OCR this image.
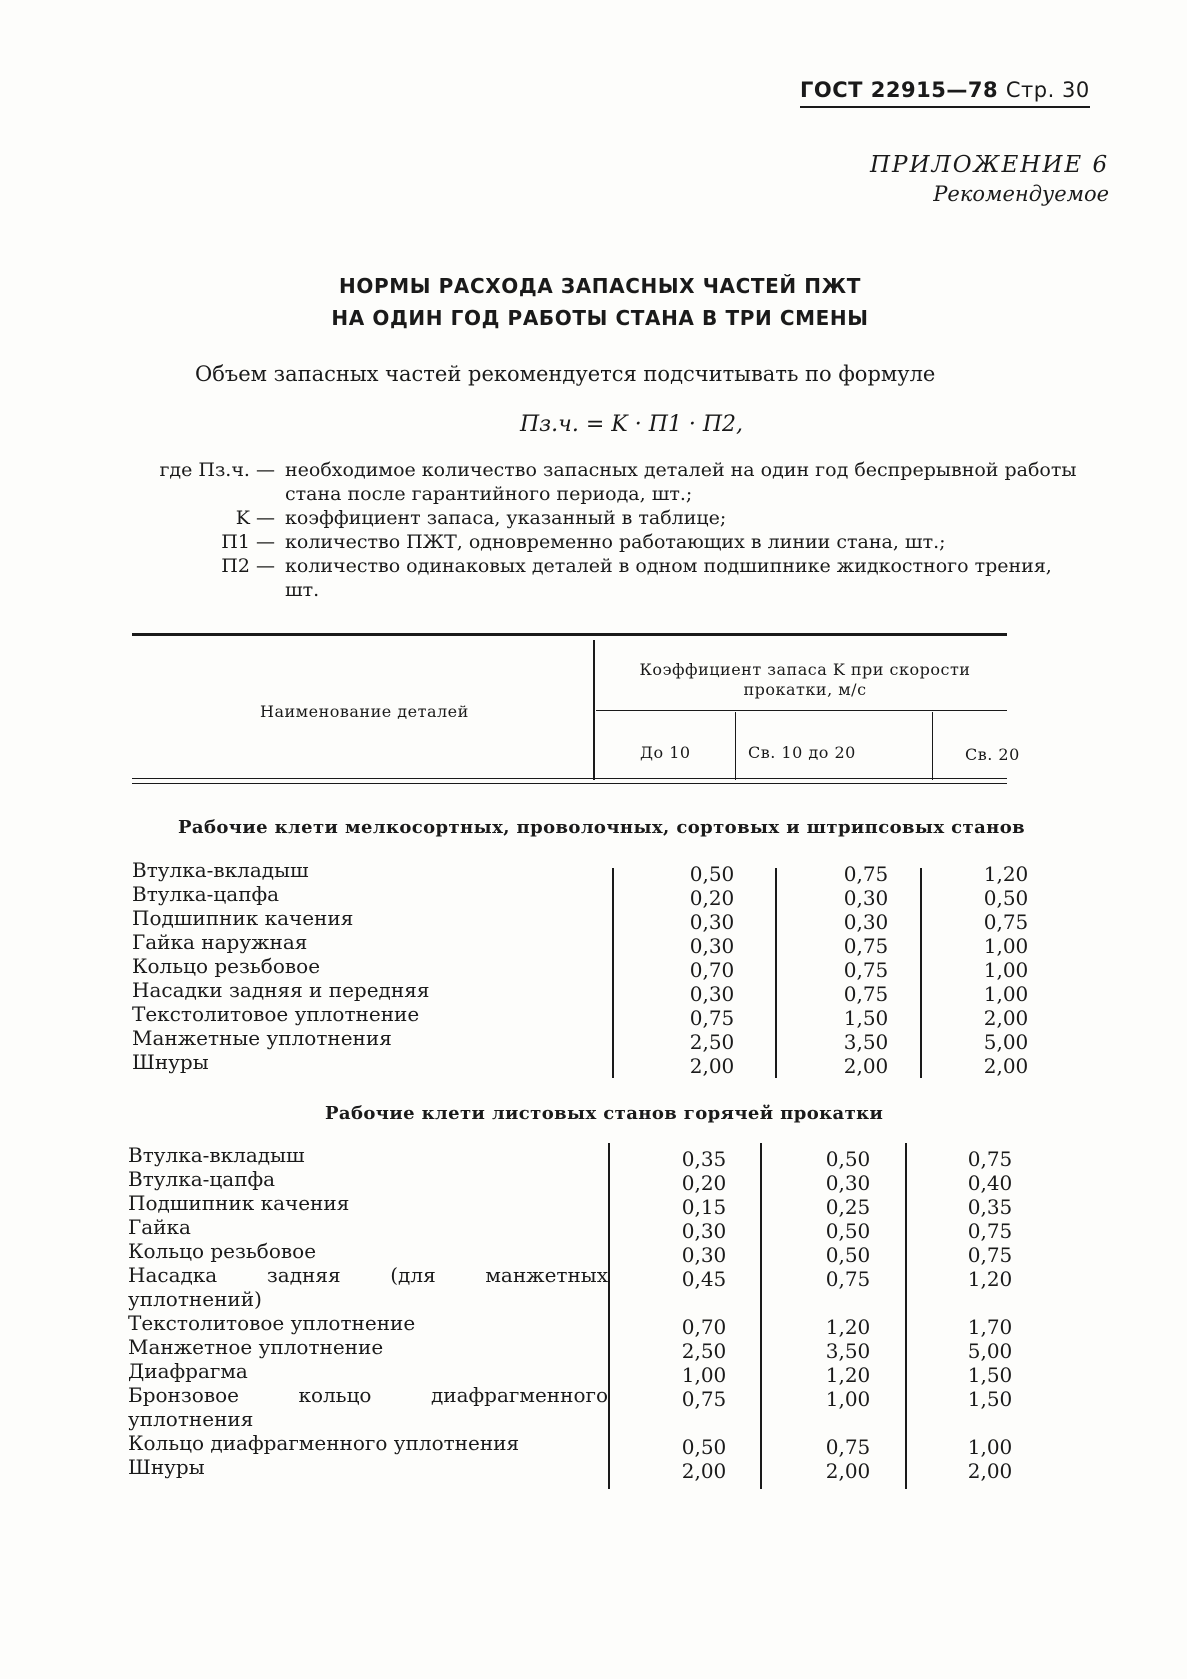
ГОСТ 22915—78 Стр. 30
ПРИЛОЖЕНИЕ 6
Рекомендуемое
НОРМЫ РАСХОДА ЗАПАСНЫХ ЧАСТЕЙ ПЖТ
НА ОДИН ГОД РАБОТЫ СТАНА В ТРИ СМЕНЫ
Объем запасных частей рекомендуется подсчитывать по формуле
Пз.ч. = K · П1 · П2,
где Пз.ч. — необходимое количество запасных деталей на один год беспрерывной работы стана после гарантийного периода, шт.;
K — коэффициент запаса, указанный в таблице;
П1 — количество ПЖТ, одновременно работающих в линии стана, шт.;
П2 — количество одинаковых деталей в одном подшипнике жидкостного трения, шт.
Наименование деталей
Коэффициент запаса K при скорости
прокатки, м/с
До 10	Св. 10 до 20	Св. 20
Рабочие клети мелкосортных, проволочных, сортовых и штрипсовых станов
Втулка-вкладыш	0,50	0,75	1,20
Втулка-цапфа	0,20	0,30	0,50
Подшипник качения	0,30	0,30	0,75
Гайка наружная	0,30	0,75	1,00
Кольцо резьбовое	0,70	0,75	1,00
Насадки задняя и передняя	0,30	0,75	1,00
Текстолитовое уплотнение	0,75	1,50	2,00
Манжетные уплотнения	2,50	3,50	5,00
Шнуры	2,00	2,00	2,00
Рабочие клети листовых станов горячей прокатки
Втулка-вкладыш	0,35	0,50	0,75
Втулка-цапфа	0,20	0,30	0,40
Подшипник качения	0,15	0,25	0,35
Гайка	0,30	0,50	0,75
Кольцо резьбовое	0,30	0,50	0,75
Насадка задняя (для манжетных уплотнений)
0,45	0,75	1,20
Текстолитовое уплотнение	0,70	1,20	1,70
Манжетное уплотнение	2,50	3,50	5,00
Диафрагма	1,00	1,20	1,50
Бронзовое кольцо диафрагменного уплотнения
0,75	1,00	1,50
Кольцо диафрагменного уплотнения	0,50	0,75	1,00
Шнуры	2,00	2,00	2,00
